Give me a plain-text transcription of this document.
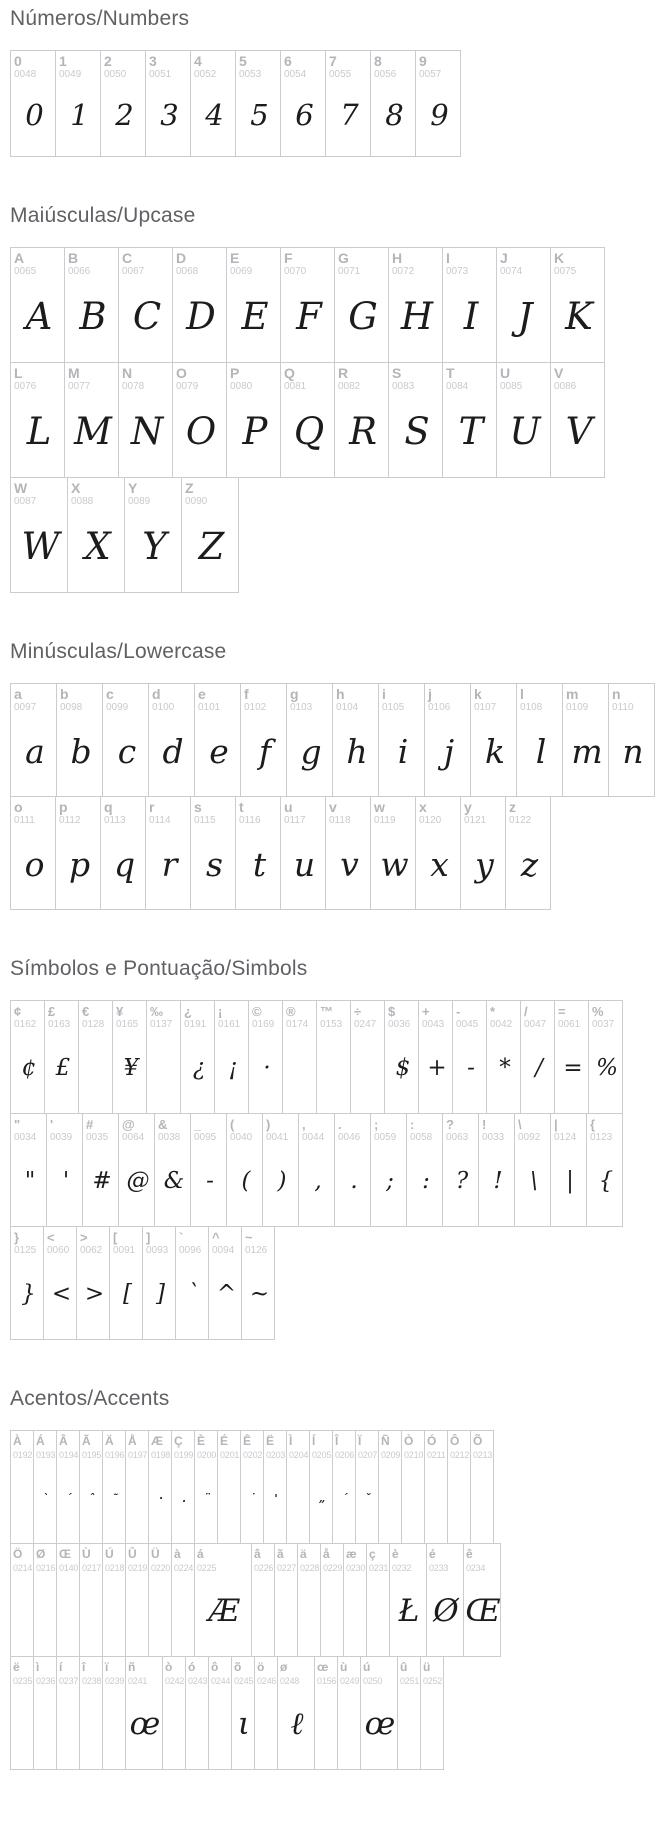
Números/Numbers
0
0048
0
1
0049
1
2
0050
2
3
0051
3
4
0052
4
5
0053
5
6
0054
6
7
0055
7
8
0056
8
9
0057
9
Maiúsculas/Upcase
A
0065
A
B
0066
B
C
0067
C
D
0068
D
E
0069
E
F
0070
F
G
0071
G
H
0072
H
I
0073
I
J
0074
J
K
0075
K
L
0076
L
M
0077
M
N
0078
N
O
0079
O
P
0080
P
Q
0081
Q
R
0082
R
S
0083
S
T
0084
T
U
0085
U
V
0086
V
W
0087
W
X
0088
X
Y
0089
Y
Z
0090
Z
Minúsculas/Lowercase
a
0097
a
b
0098
b
c
0099
c
d
0100
d
e
0101
e
f
0102
f
g
0103
g
h
0104
h
i
0105
i
j
0106
j
k
0107
k
l
0108
l
m
0109
m
n
0110
n
o
0111
o
p
0112
p
q
0113
q
r
0114
r
s
0115
s
t
0116
t
u
0117
u
v
0118
v
w
0119
w
x
0120
x
y
0121
y
z
0122
z
Símbolos e Pontuação/Simbols
¢
0162
¢
£
0163
£
€
0128
¥
0165
¥
‰
0137
¿
0191
¿
¡
0161
¡
©
0169
·
®
0174
™
0153
÷
0247
$
0036
$
+
0043
+
-
0045
-
*
0042
*
/
0047
/
=
0061
=
%
0037
%
"
0034
"
'
0039
'
#
0035
#
@
0064
@
&
0038
&
_
0095
-
(
0040
(
)
0041
)
,
0044
,
.
0046
.
;
0059
;
:
0058
:
?
0063
?
!
0033
!
\
0092
\
|
0124
|
{
0123
{
}
0125
}
<
0060
<
>
0062
>
[
0091
[
]
0093
]
`
0096
`
^
0094
^
~
0126
~
Acentos/Accents
À
0192
Á
0193
`
Â
0194
´
Ã
0195
ˆ
Ä
0196
˜
Å
0197
Æ
0198
·
Ç
0199
.
È
0200
¨
É
0201
Ê
0202
˙
Ë
0203
'
Ì
0204
Í
0205
„
Î
0206
´
Ï
0207
ˇ
Ñ
0209
Ò
0210
Ó
0211
Ô
0212
Õ
0213
Ö
0214
Ø
0216
Œ
0140
Ù
0217
Ú
0218
Û
0219
Ü
0220
à
0224
á
0225
Æ
â
0226
ã
0227
ä
0228
å
0229
æ
0230
ç
0231
è
0232
Ł
é
0233
Ø
ê
0234
Œ
ë
0235
ì
0236
í
0237
î
0238
ï
0239
ñ
0241
œ
ò
0242
ó
0243
ô
0244
õ
0245
ι
ö
0246
ø
0248
ℓ
œ
0156
ù
0249
ú
0250
œ
û
0251
ü
0252
